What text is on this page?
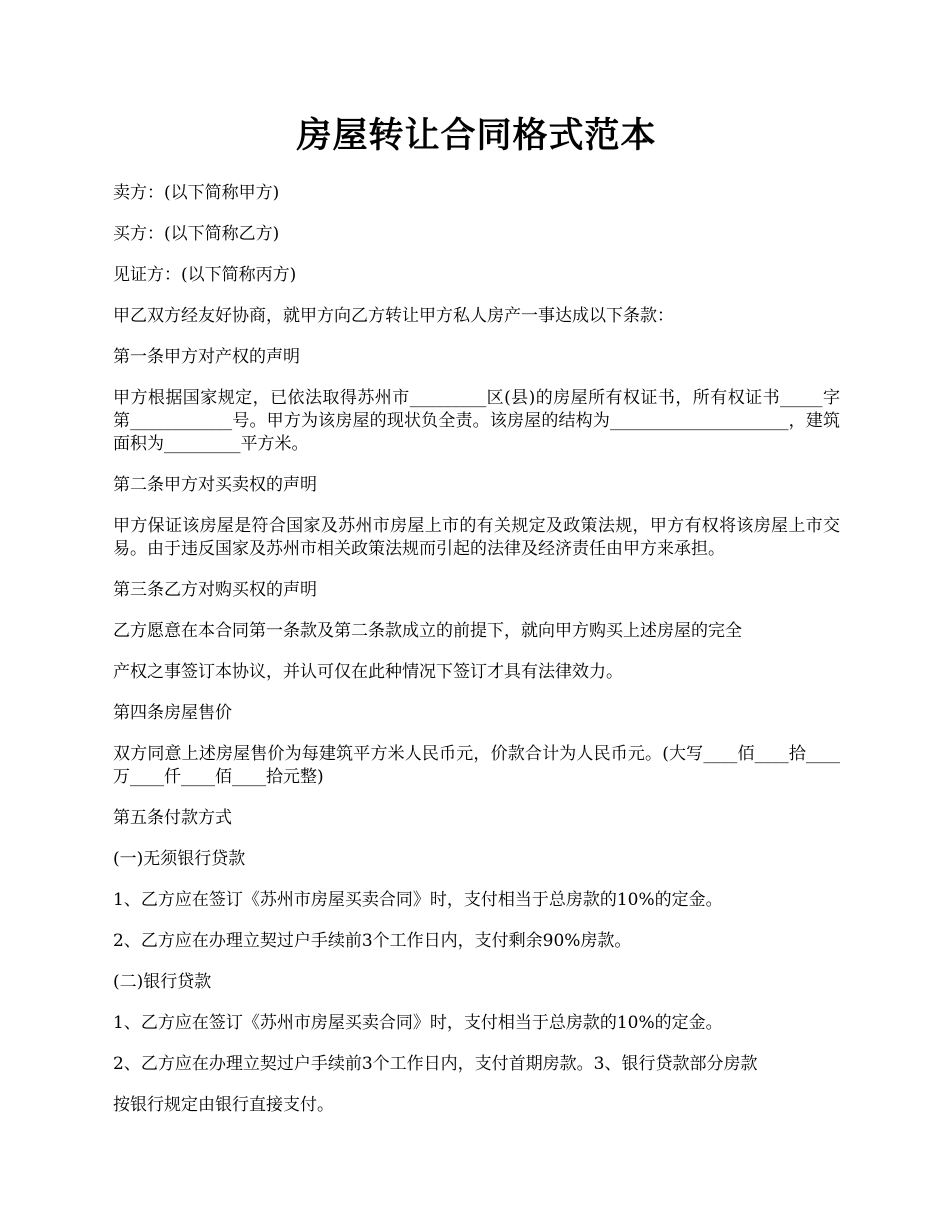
房屋转让合同格式范本

卖方：(以下简称甲方)

买方：(以下简称乙方)

见证方：(以下简称丙方)

甲乙双方经友好协商，就甲方向乙方转让甲方私人房产一事达成以下条款：

第一条甲方对产权的声明

甲方根据国家规定，已依法取得苏州市_________区(县)的房屋所有权证书，所有权证书_____字第____________号。甲方为该房屋的现状负全责。该房屋的结构为_____________________，建筑面积为_________平方米。

第二条甲方对买卖权的声明

甲方保证该房屋是符合国家及苏州市房屋上市的有关规定及政策法规，甲方有权将该房屋上市交易。由于违反国家及苏州市相关政策法规而引起的法律及经济责任由甲方来承担。

第三条乙方对购买权的声明

乙方愿意在本合同第一条款及第二条款成立的前提下，就向甲方购买上述房屋的完全

产权之事签订本协议，并认可仅在此种情况下签订才具有法律效力。

第四条房屋售价

双方同意上述房屋售价为每建筑平方米人民币元，价款合计为人民币元。(大写____佰____拾____万____仟____佰____拾元整)

第五条付款方式

(一)无须银行贷款

1、乙方应在签订《苏州市房屋买卖合同》时，支付相当于总房款的10%的定金。

2、乙方应在办理立契过户手续前3个工作日内，支付剩余90%房款。

(二)银行贷款

1、乙方应在签订《苏州市房屋买卖合同》时，支付相当于总房款的10%的定金。

2、乙方应在办理立契过户手续前3个工作日内，支付首期房款。3、银行贷款部分房款

按银行规定由银行直接支付。
